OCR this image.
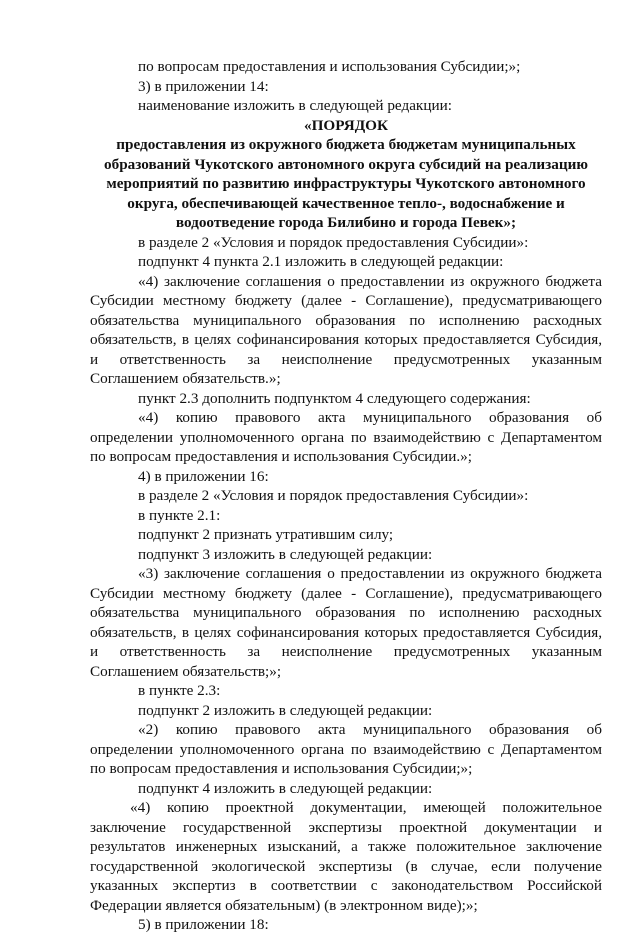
по вопросам предоставления и использования Субсидии;»;

3) в приложении 14:

наименование изложить в следующей редакции:

«ПОРЯДОК

предоставления из окружного бюджета бюджетам муниципальных
образований Чукотского автономного округа субсидий на реализацию
мероприятий по развитию инфраструктуры Чукотского автономного
округа, обеспечивающей качественное тепло-, водоснабжение и
водоотведение города Билибино и города Певек»;

в разделе 2 «Условия и порядок предоставления Субсидии»:

подпункт 4 пункта 2.1 изложить в следующей редакции:

«4) заключение соглашения о предоставлении из окружного бюджета Субсидии местному бюджету (далее - Соглашение), предусматривающего обязательства муниципального образования по исполнению расходных обязательств, в целях софинансирования которых предоставляется Субсидия, и ответственность за неисполнение предусмотренных указанным Соглашением обязательств.»;

пункт 2.3 дополнить подпунктом 4 следующего содержания:

«4) копию правового акта муниципального образования об определении уполномоченного органа по взаимодействию с Департаментом по вопросам предоставления и использования Субсидии.»;

4) в приложении 16:

в разделе 2 «Условия и порядок предоставления Субсидии»:

в пункте 2.1:

подпункт 2 признать утратившим силу;

подпункт 3 изложить в следующей редакции:

«3) заключение соглашения о предоставлении из окружного бюджета Субсидии местному бюджету (далее - Соглашение), предусматривающего обязательства муниципального образования по исполнению расходных обязательств, в целях софинансирования которых предоставляется Субсидия, и ответственность за неисполнение предусмотренных указанным Соглашением обязательств;»;

в пункте 2.3:

подпункт 2 изложить в следующей редакции:

«2) копию правового акта муниципального образования об определении уполномоченного органа по взаимодействию с Департаментом по вопросам предоставления и использования Субсидии;»;

подпункт 4 изложить в следующей редакции:

«4) копию проектной документации, имеющей положительное заключение государственной экспертизы проектной документации и результатов инженерных изысканий, а также положительное заключение государственной экологической экспертизы (в случае, если получение указанных экспертиз в соответствии с законодательством Российской Федерации является обязательным) (в электронном виде);»;

5) в приложении 18:
